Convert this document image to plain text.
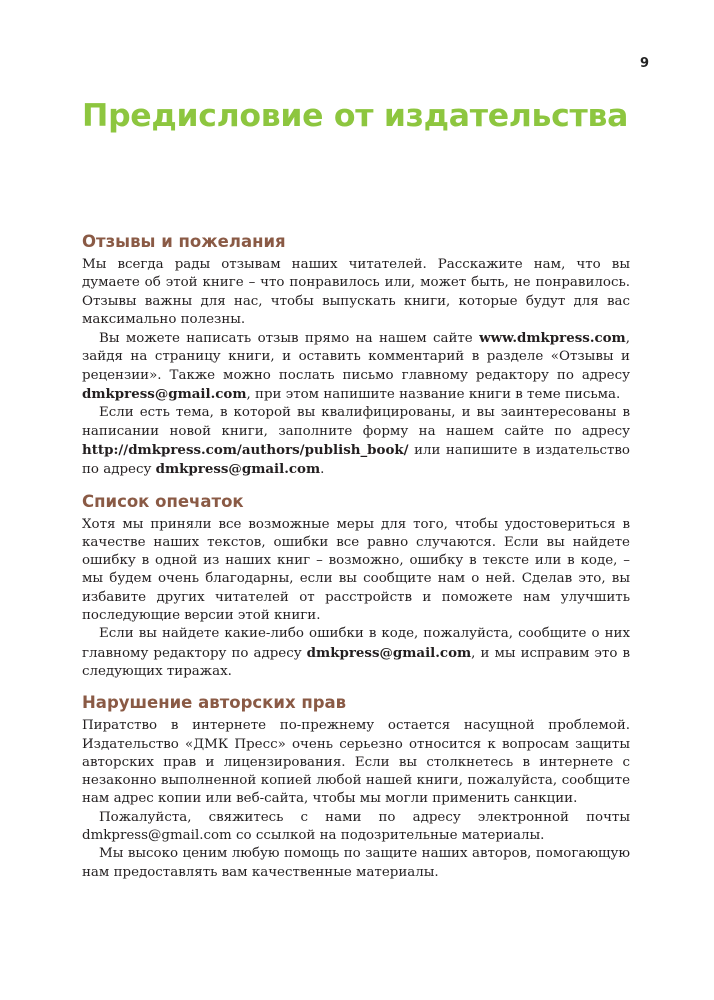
9
Предисловие от издательства
Отзывы и пожелания

Мы всегда рады отзывам наших читателей. Расскажите нам, что вы думаете об этой книге – что понравилось или, может быть, не понравилось. Отзывы важны для нас, чтобы выпускать книги, которые будут для вас максимально полезны.

Вы можете написать отзыв прямо на нашем сайте www.dmkpress.com, зайдя на страницу книги, и оставить комментарий в разделе «Отзывы и рецензии». Также можно послать письмо главному редактору по адресу dmkpress@gmail.com, при этом напишите название книги в теме письма.

Если есть тема, в которой вы квалифицированы, и вы заинтересованы в написании новой книги, заполните форму на нашем сайте по адресу http://dmkpress.com/authors/publish_book/ или напишите в издательство по адресу dmkpress@gmail.com.

Список опечаток

Хотя мы приняли все возможные меры для того, чтобы удостовериться в качестве наших текстов, ошибки все равно случаются. Если вы найдете ошибку в одной из наших книг – возможно, ошибку в тексте или в коде, – мы будем очень благодарны, если вы сообщите нам о ней. Сделав это, вы избавите других читателей от расстройств и поможете нам улучшить последующие версии этой книги.

Если вы найдете какие-либо ошибки в коде, пожалуйста, сообщите о них главному редактору по адресу dmkpress@gmail.com, и мы исправим это в следующих тиражах.

Нарушение авторских прав

Пиратство в интернете по-прежнему остается насущной проблемой. Издательство «ДМК Пресс» очень серьезно относится к вопросам защиты авторских прав и лицензирования. Если вы столкнетесь в интернете с незаконно выполненной копией любой нашей книги, пожалуйста, сообщите нам адрес копии или веб-сайта, чтобы мы могли применить санкции.

Пожалуйста, свяжитесь с нами по адресу электронной почты dmkpress@gmail.com со ссылкой на подозрительные материалы.

Мы высоко ценим любую помощь по защите наших авторов, помогающую нам предоставлять вам качественные материалы.
